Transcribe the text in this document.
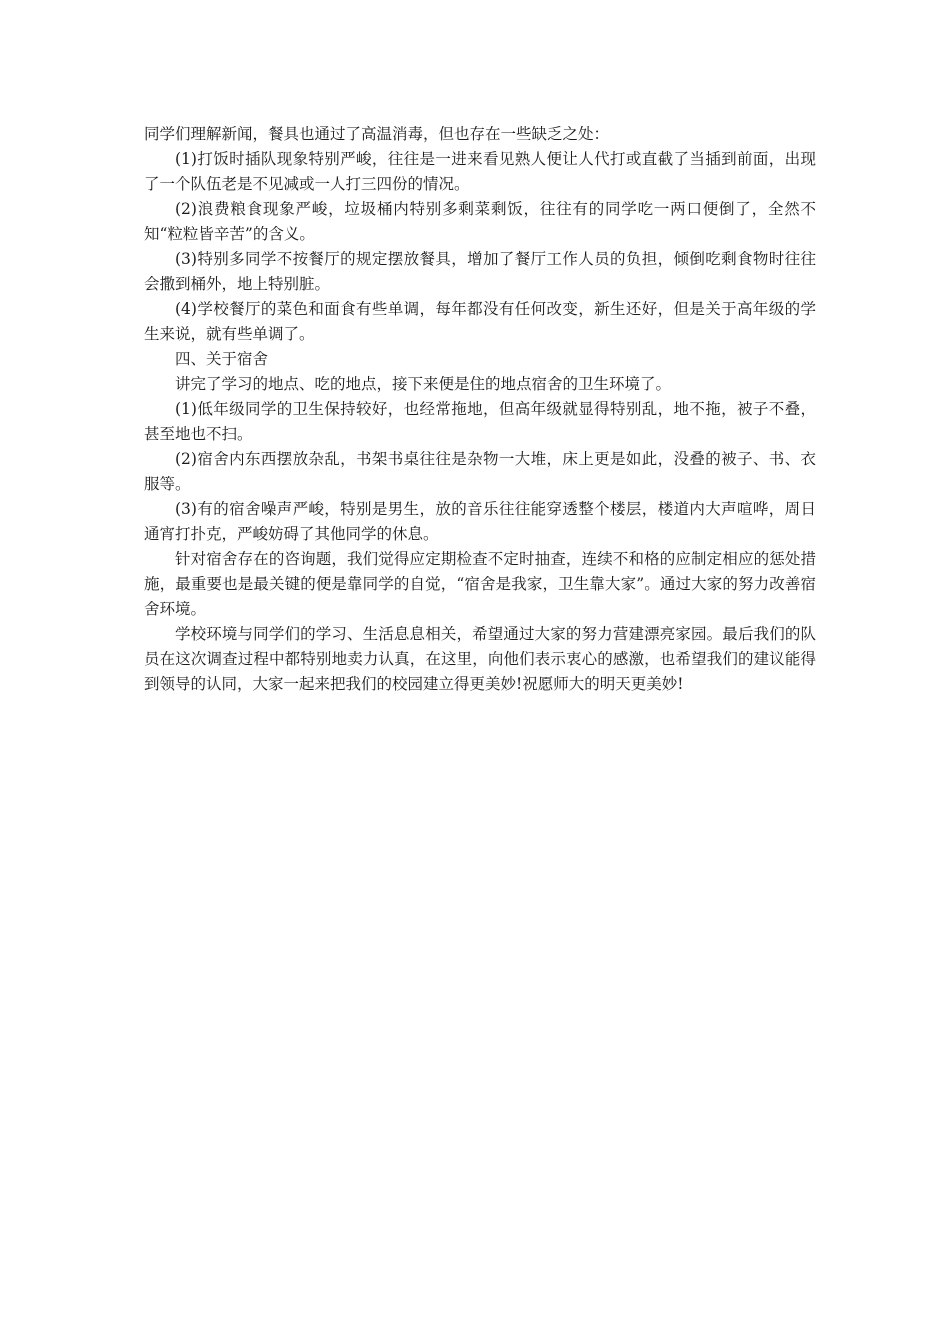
同学们理解新闻，餐具也通过了高温消毒，但也存在一些缺乏之处：

(1)打饭时插队现象特别严峻，往往是一进来看见熟人便让人代打或直截了当插到前面，出现了一个队伍老是不见减或一人打三四份的情况。

(2)浪费粮食现象严峻，垃圾桶内特别多剩菜剩饭，往往有的同学吃一两口便倒了，全然不知“粒粒皆辛苦”的含义。

(3)特别多同学不按餐厅的规定摆放餐具，增加了餐厅工作人员的负担，倾倒吃剩食物时往往会撒到桶外，地上特别脏。

(4)学校餐厅的菜色和面食有些单调，每年都没有任何改变，新生还好，但是关于高年级的学生来说，就有些单调了。

四、关于宿舍

讲完了学习的地点、吃的地点，接下来便是住的地点宿舍的卫生环境了。

(1)低年级同学的卫生保持较好，也经常拖地，但高年级就显得特别乱，地不拖，被子不叠，甚至地也不扫。

(2)宿舍内东西摆放杂乱，书架书桌往往是杂物一大堆，床上更是如此，没叠的被子、书、衣服等。

(3)有的宿舍噪声严峻，特别是男生，放的音乐往往能穿透整个楼层，楼道内大声喧哗，周日通宵打扑克，严峻妨碍了其他同学的休息。

针对宿舍存在的咨询题，我们觉得应定期检查不定时抽查，连续不和格的应制定相应的惩处措施，最重要也是最关键的便是靠同学的自觉，“宿舍是我家，卫生靠大家”。通过大家的努力改善宿舍环境。

学校环境与同学们的学习、生活息息相关，希望通过大家的努力营建漂亮家园。最后我们的队员在这次调查过程中都特别地卖力认真，在这里，向他们表示衷心的感激，也希望我们的建议能得到领导的认同，大家一起来把我们的校园建立得更美妙!祝愿师大的明天更美妙!
